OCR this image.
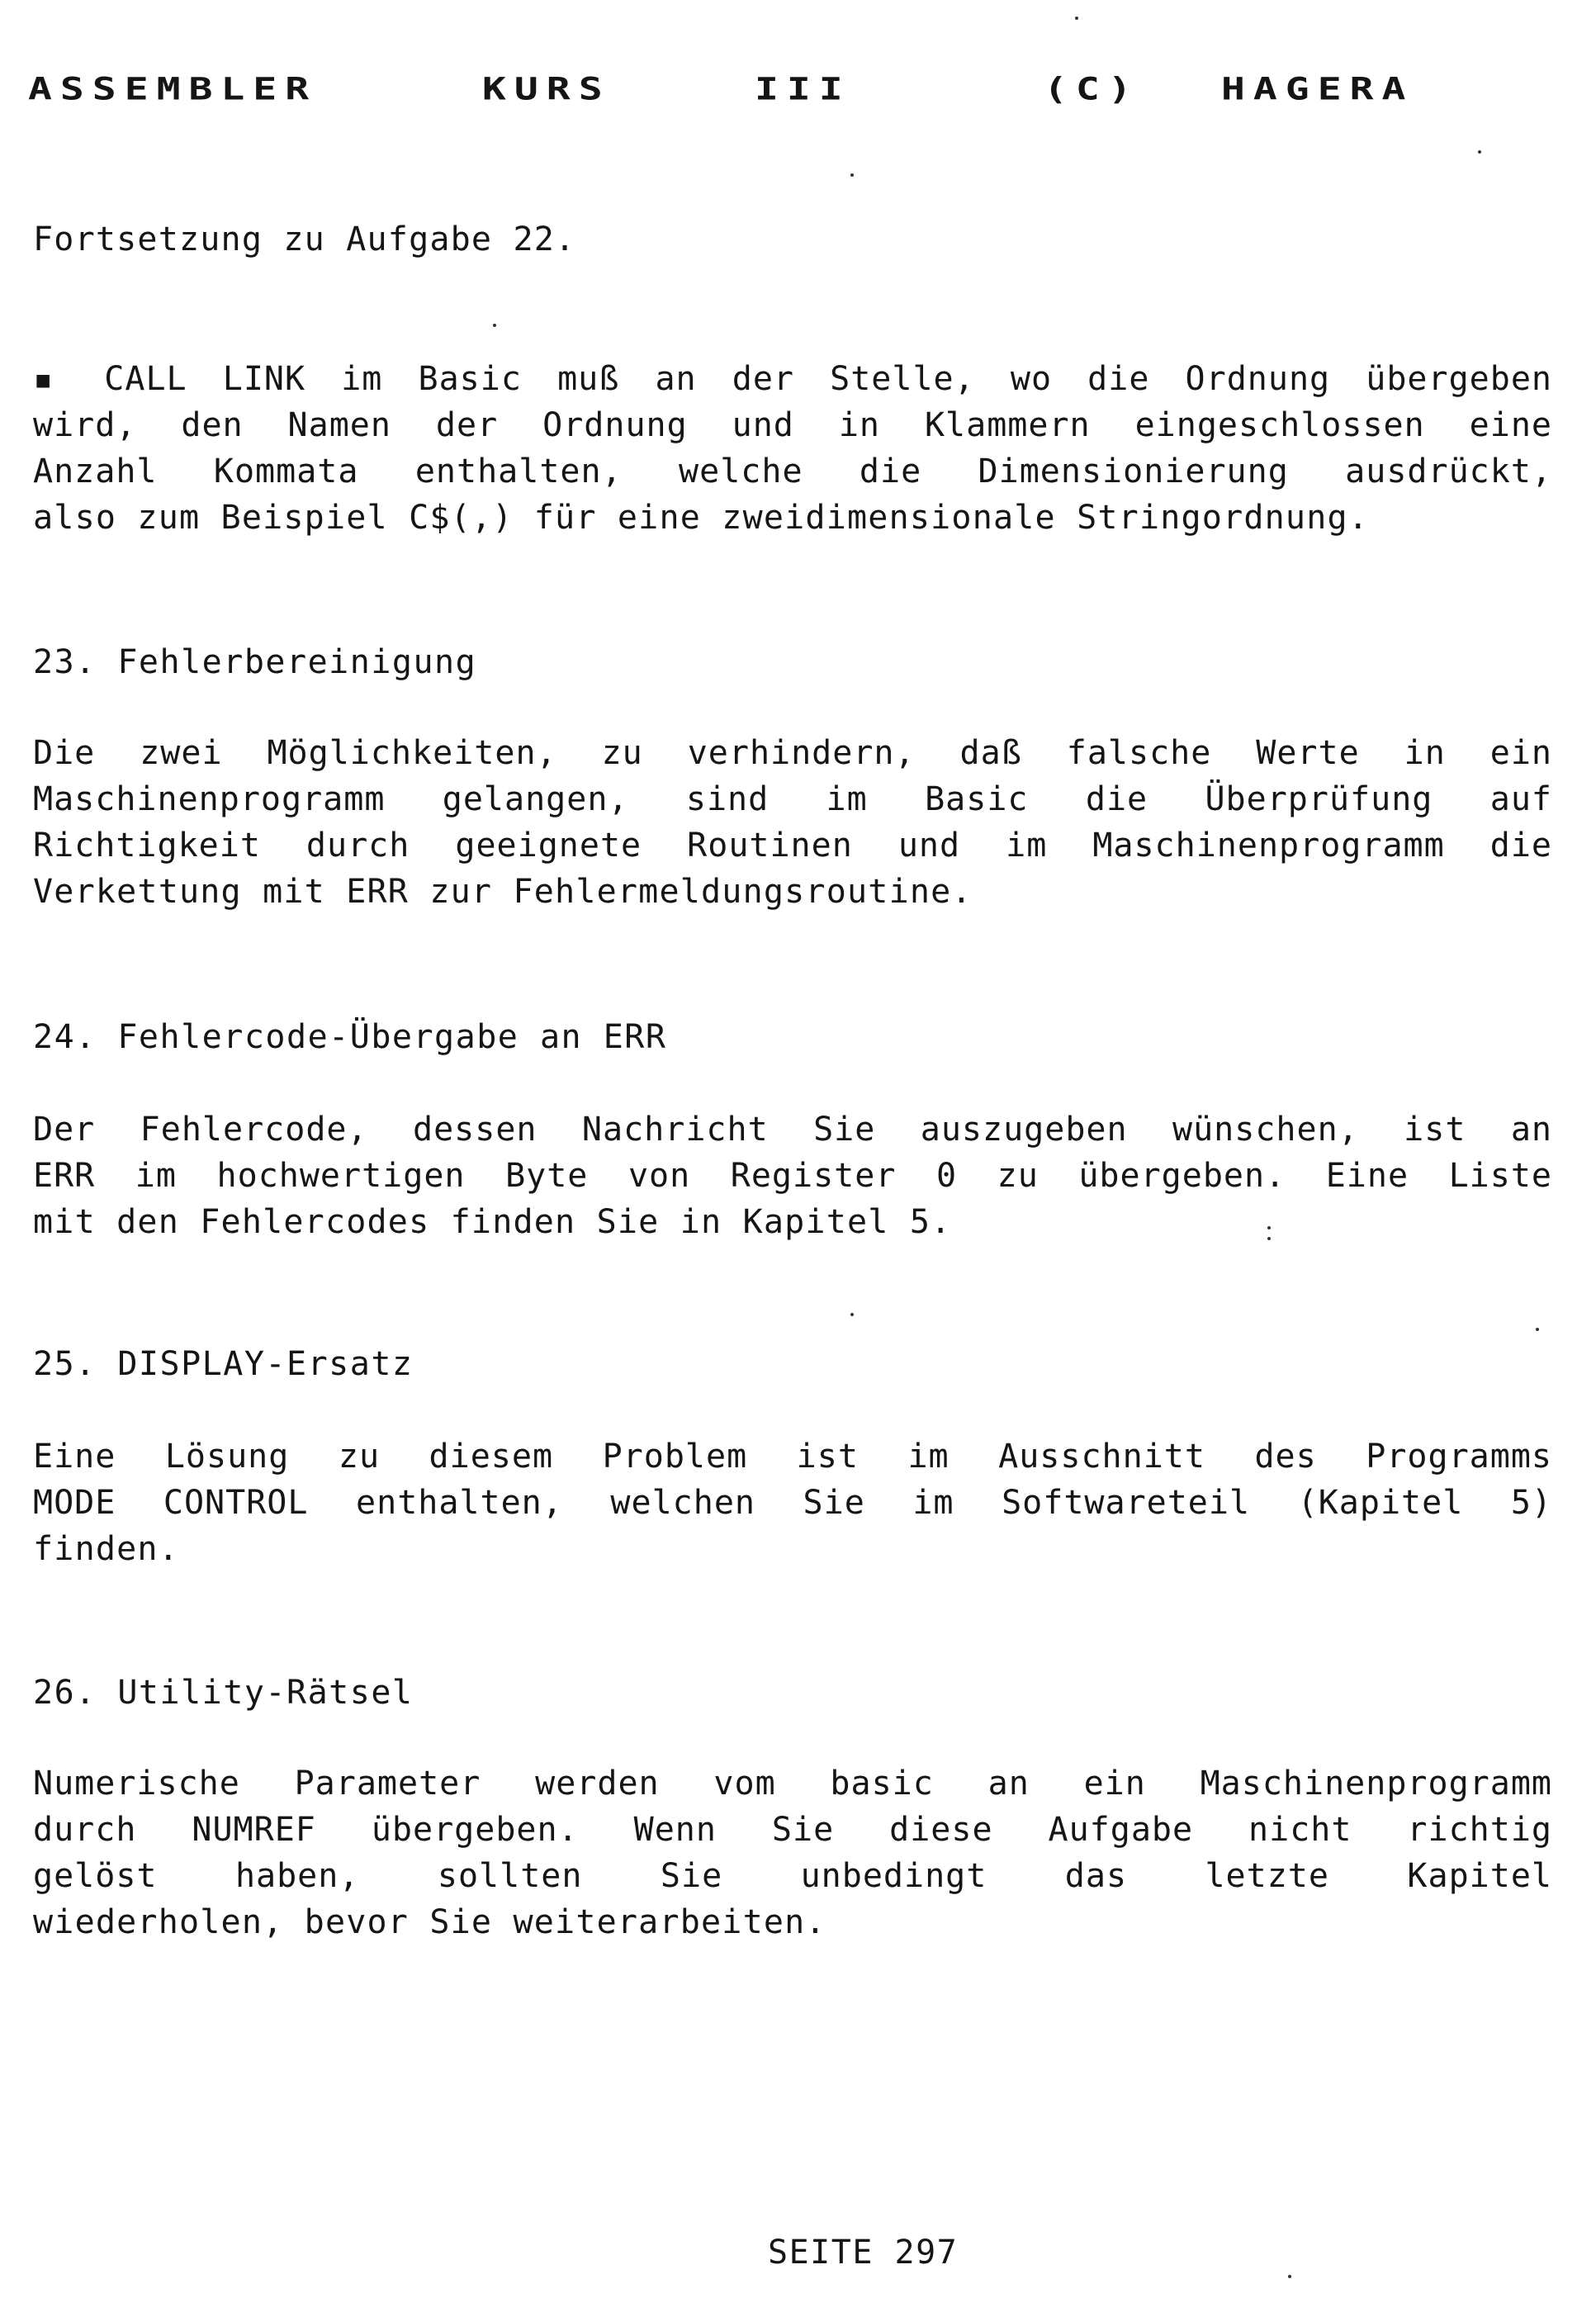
ASSEMBLER	KURS	III	(C) HAGERA
Fortsetzung zu Aufgabe 22.
▪ CALL LINK im Basic muß an der Stelle, wo die Ordnung übergeben
wird, den Namen der Ordnung und in Klammern eingeschlossen eine
Anzahl Kommata enthalten, welche die Dimensionierung ausdrückt,
also zum Beispiel C$(,) für eine zweidimensionale Stringordnung.
23. Fehlerbereinigung
Die zwei Möglichkeiten, zu verhindern, daß falsche Werte in ein
Maschinenprogramm gelangen, sind im Basic die Überprüfung auf
Richtigkeit durch geeignete Routinen und im Maschinenprogramm die
Verkettung mit ERR zur Fehlermeldungsroutine.
24. Fehlercode-Übergabe an ERR
Der Fehlercode, dessen Nachricht Sie auszugeben wünschen, ist an
ERR im hochwertigen Byte von Register 0 zu übergeben. Eine Liste
mit den Fehlercodes finden Sie in Kapitel 5.
25. DISPLAY-Ersatz
Eine Lösung zu diesem Problem ist im Ausschnitt des Programms
MODE CONTROL enthalten, welchen Sie im Softwareteil (Kapitel 5)
finden.
26. Utility-Rätsel
Numerische Parameter werden vom basic an ein Maschinenprogramm
durch NUMREF übergeben. Wenn Sie diese Aufgabe nicht richtig
gelöst haben, sollten Sie unbedingt das letzte Kapitel
wiederholen, bevor Sie weiterarbeiten.
SEITE 297
